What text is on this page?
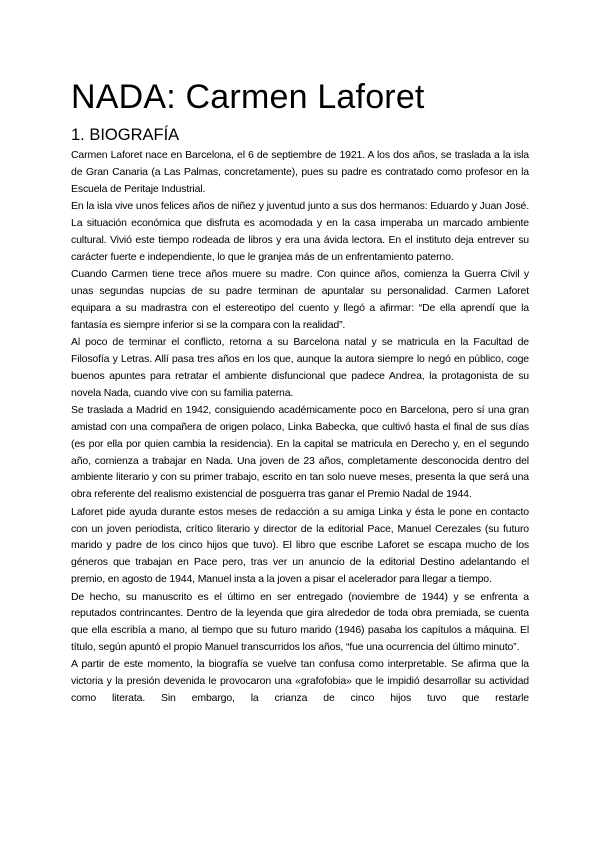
NADA: Carmen Laforet
1. BIOGRAFÍA

Carmen Laforet nace en Barcelona, el 6 de septiembre de 1921. A los dos años, se traslada a la isla de Gran Canaria (a Las Palmas, concretamente), pues su padre es contratado como profesor en la Escuela de Peritaje Industrial.

En la isla vive unos felices años de niñez y juventud junto a sus dos hermanos: Eduardo y Juan José. La situación económica que disfruta es acomodada y en la casa imperaba un marcado ambiente cultural. Vivió este tiempo rodeada de libros y era una ávida lectora. En el instituto deja entrever su carácter fuerte e independiente, lo que le granjea más de un enfrentamiento paterno.

Cuando Carmen tiene trece años muere su madre. Con quince años, comienza la Guerra Civil y unas segundas nupcias de su padre terminan de apuntalar su personalidad. Carmen Laforet equipara a su madrastra con el estereotipo del cuento y llegó a afirmar: “De ella aprendí que la fantasía es siempre inferior si se la compara con la realidad”.

Al poco de terminar el conflicto, retorna a su Barcelona natal y se matricula en la Facultad de Filosofía y Letras. Allí pasa tres años en los que, aunque la autora siempre lo negó en público, coge buenos apuntes para retratar el ambiente disfuncional que padece Andrea, la protagonista de su novela Nada, cuando vive con su familia paterna.

Se traslada a Madrid en 1942, consiguiendo académicamente poco en Barcelona, pero sí una gran amistad con una compañera de origen polaco, Linka Babecka, que cultivó hasta el final de sus días (es por ella por quien cambia la residencia). En la capital se matricula en Derecho y, en el segundo año, comienza a trabajar en Nada. Una joven de 23 años, completamente desconocida dentro del ambiente literario y con su primer trabajo, escrito en tan solo nueve meses, presenta la que será una obra referente del realismo existencial de posguerra tras ganar el Premio Nadal de 1944.

Laforet pide ayuda durante estos meses de redacción a su amiga Linka y ésta le pone en contacto con un joven periodista, crítico literario y director de la editorial Pace, Manuel Cerezales (su futuro marido y padre de los cinco hijos que tuvo). El libro que escribe Laforet se escapa mucho de los géneros que trabajan en Pace pero, tras ver un anuncio de la editorial Destino adelantando el premio, en agosto de 1944, Manuel insta a la joven a pisar el acelerador para llegar a tiempo.

De hecho, su manuscrito es el último en ser entregado (noviembre de 1944) y se enfrenta a reputados contrincantes. Dentro de la leyenda que gira alrededor de toda obra premiada, se cuenta que ella escribía a mano, al tiempo que su futuro marido (1946) pasaba los capítulos a máquina. El título, según apuntó el propio Manuel transcurridos los años, “fue una ocurrencia del último minuto”.

A partir de este momento, la biografía se vuelve tan confusa como interpretable. Se afirma que la victoria y la presión devenida le provocaron una «grafofobia» que le impidió desarrollar su actividad como literata. Sin embargo, la crianza de cinco hijos tuvo que restarle
